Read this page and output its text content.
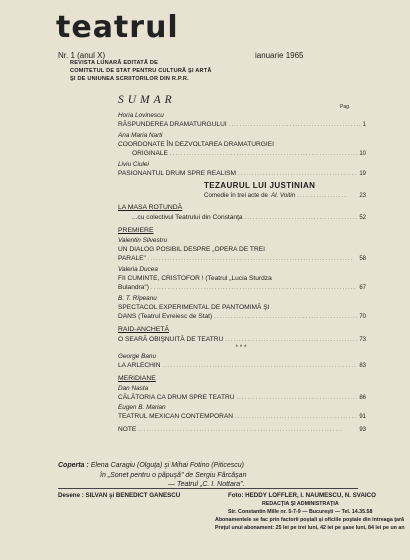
teatrul
Nr. 1 (anul X)	ianuarie 1965
REVISTA LUNARĂ EDITATĂ DE
COMITETUL DE STAT PENTRU CULTURĂ ŞI ARTĂ
ŞI DE UNIUNEA SCRIITORILOR DIN R.P.R.
SUMAR
Pag.
Horia Lovinescu
RĂSPUNDEREA DRAMATURGULUI . . .	1
Ana Maria Narti
COORDONATE ÎN DEZVOLTAREA DRAMATURGIEI
ORIGINALE . . .	10
Liviu Ciulei
PASIONANTUL DRUM SPRE REALISM . . .	19
TEZAURUL LUI JUSTINIAN
Comedie în trei acte de Al. Voitin . . .	23
LA MASA ROTUNDĂ
...cu colectivul Teatrului din Constanţa . . .	52
PREMIERE
Valentin Silvestru
UN DIALOG POSIBIL DESPRE „OPERA DE TREI
PARALE" . . .	58
Valeria Ducea
FII CUMINTE, CRISTOFOR ! (Teatrul „Lucia Sturdza
Bulandra") . . .	67
B. T. Rîpeanu
SPECTACOL EXPERIMENTAL DE PANTOMIMĂ ŞI
DANS (Teatrul Evreiesc de Stat) . . .	70
RAID-ANCHETĂ
O SEARĂ OBIŞNUITĂ DE TEATRU . . .	73
***
George Banu
LA ARLECHIN . . .	83
MERIDIANE
Dan Nasta
CĂLĂTORIA CA DRUM SPRE TEATRU . . .	86
Eugen B. Marian
TEATRUL MEXICAN CONTEMPORAN . . .	91
NOTE . . .	93
Coperta : Elena Caragiu (Olguţa) şi Mihai Fotino (Piticescu)
în „Sonet pentru o păpuşă" de Sergiu Fărcăşan
— Teatrul „C. I. Nottara".
Desene : SILVAN şi BENEDICT GANESCU	Foto: HEDDY LOFFLER, I. NAUMESCU, N. SVAICO
REDACŢIA ŞI ADMINISTRAŢIA
Str. Constantin Mille nr. 5-7-9 — Bucureşti — Tel. 14.35.58
Abonamentele se fac prin factorii poştali şi oficiile poştale din întreaga ţară
Preţul unui abonament: 25 lei pe trei luni, 42 lei pe şase luni, 84 lei pe un an
